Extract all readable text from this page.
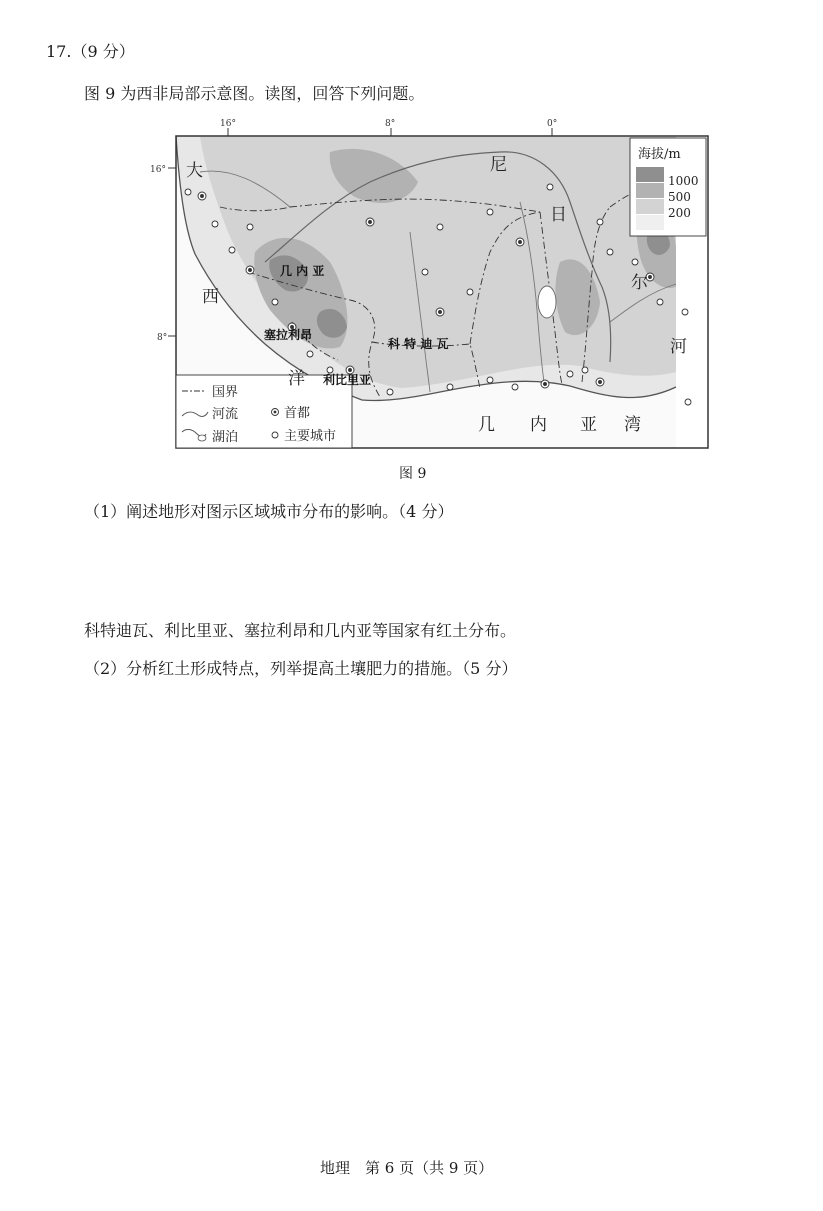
17.（9 分）
图 9 为西非局部示意图。读图，回答下列问题。
16°	8°	0°
16°
8°
海拔/m
1000
500
200
国界
河流	首都
湖泊	主要城市
几 内 亚
塞拉利昂
科 特 迪 瓦
利比里亚
大
西
洋
尼
日
尔
河
几 内 亚 湾
图 9
（1）阐述地形对图示区域城市分布的影响。（4 分）
科特迪瓦、利比里亚、塞拉利昂和几内亚等国家有红土分布。
（2）分析红土形成特点，列举提高土壤肥力的措施。（5 分）
地理　第 6 页（共 9 页）
